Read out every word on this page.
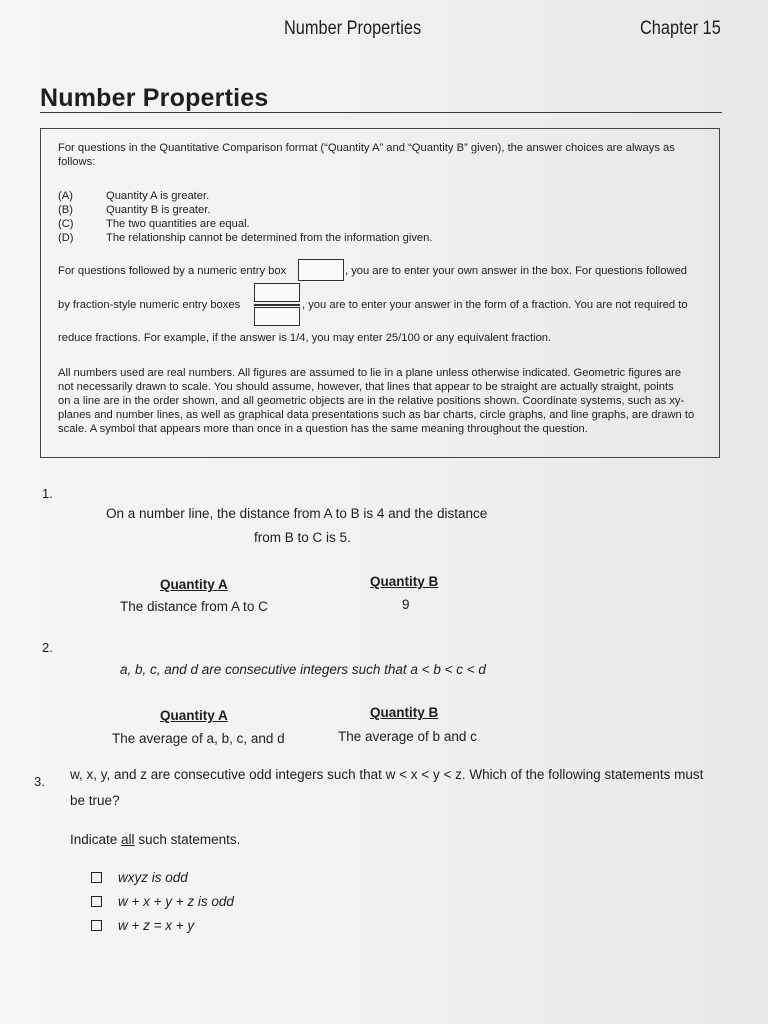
Number Properties	Chapter 15
Number Properties
For questions in the Quantitative Comparison format (“Quantity A” and “Quantity B” given), the answer choices are always as follows:
(A)	Quantity A is greater.
(B)	Quantity B is greater.
(C)	The two quantities are equal.
(D)	The relationship cannot be determined from the information given.
For questions followed by a numeric entry box	, you are to enter your own answer in the box. For questions followed
by fraction-style numeric entry boxes	, you are to enter your answer in the form of a fraction. You are not required to
reduce fractions. For example, if the answer is 1/4, you may enter 25/100 or any equivalent fraction.
All numbers used are real numbers. All figures are assumed to lie in a plane unless otherwise indicated. Geometric figures are
not necessarily drawn to scale. You should assume, however, that lines that appear to be straight are actually straight, points
on a line are in the order shown, and all geometric objects are in the relative positions shown. Coordinate systems, such as xy-
planes and number lines, as well as graphical data presentations such as bar charts, circle graphs, and line graphs, are drawn to
scale. A symbol that appears more than once in a question has the same meaning throughout the question.
1.
On a number line, the distance from A to B is 4 and the distance
from B to C is 5.
Quantity A	Quantity B
The distance from A to C	9
2.
a, b, c, and d are consecutive integers such that a < b < c < d
Quantity A	Quantity B
The average of a, b, c, and d	The average of b and c
3. w, x, y, and z are consecutive odd integers such that w < x < y < z. Which of the following statements must
be true?
Indicate all such statements.
wxyz is odd
w + x + y + z is odd
w + z = x + y
